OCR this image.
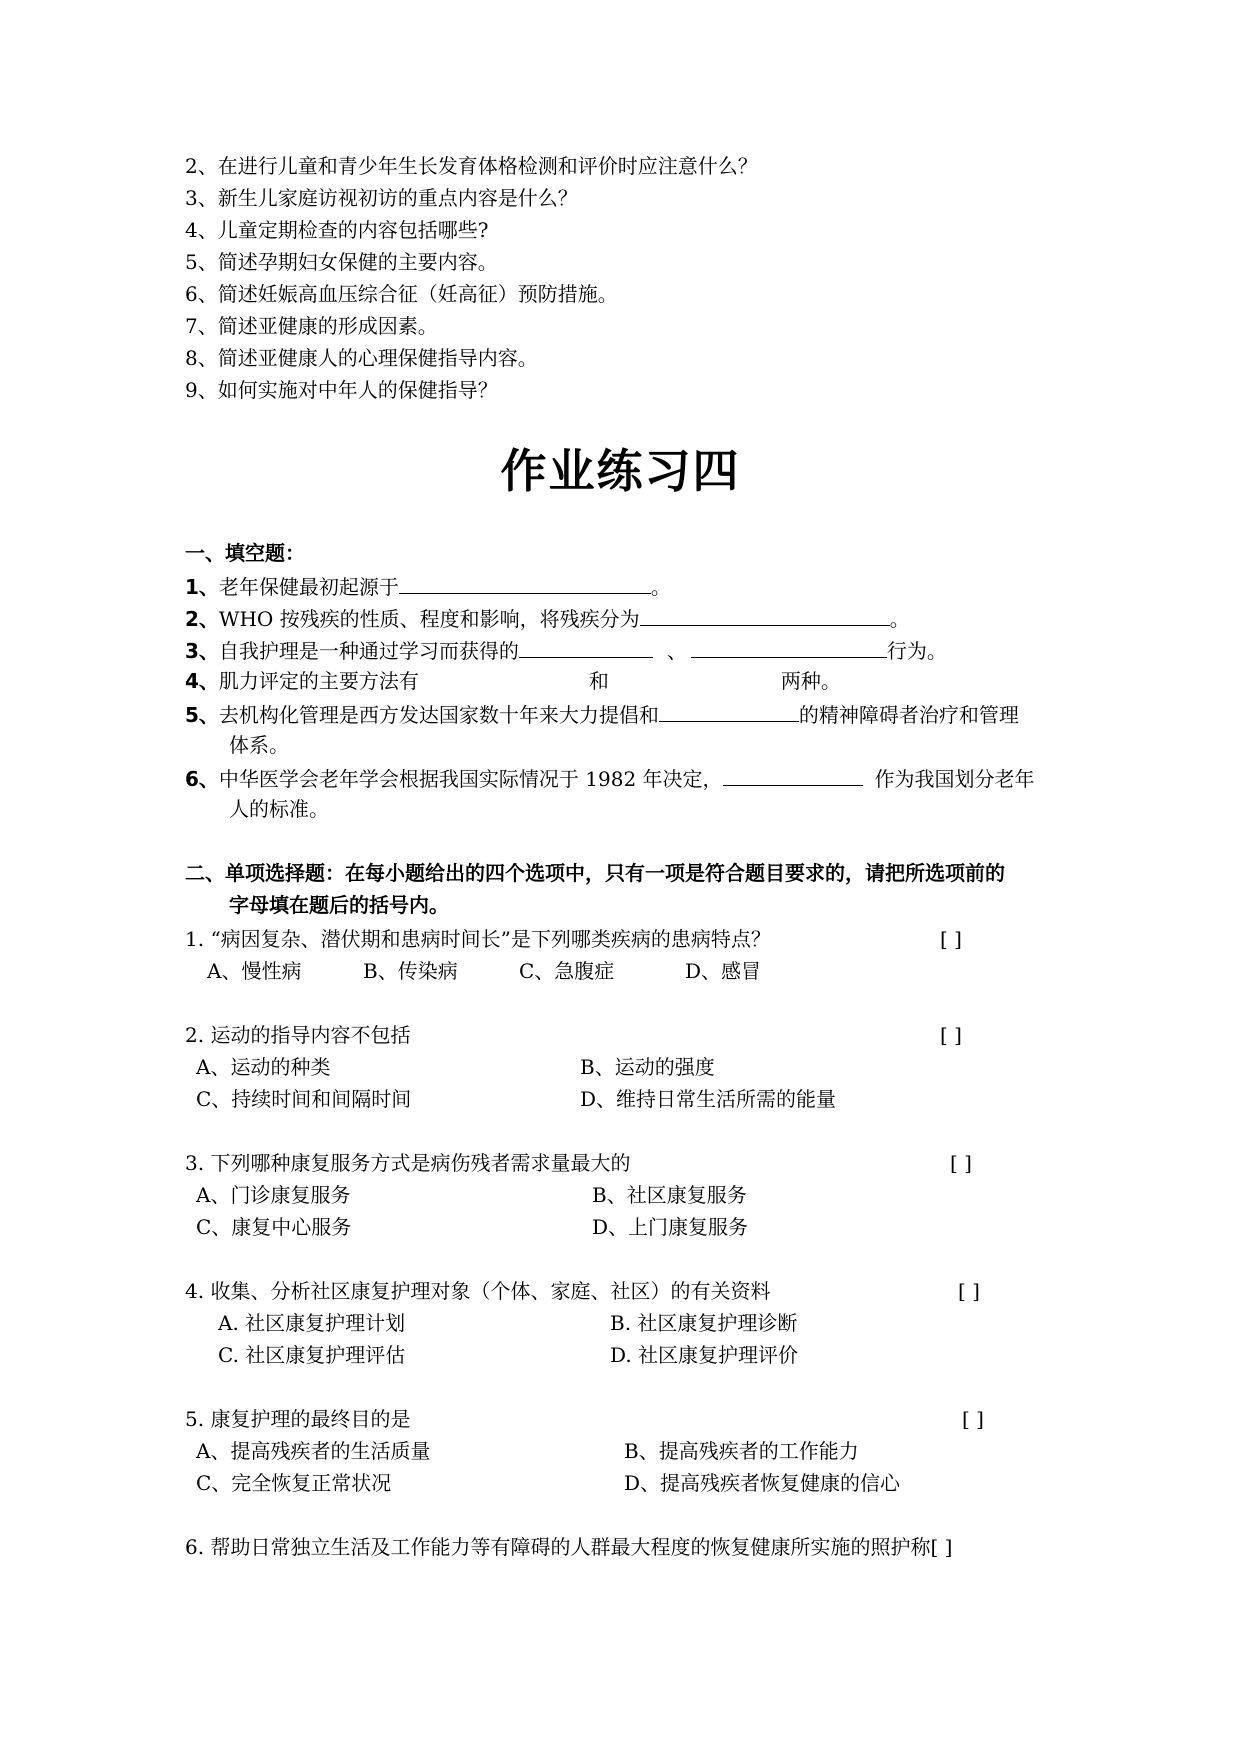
2、在进行儿童和青少年生长发育体格检测和评价时应注意什么？
3、新生儿家庭访视初访的重点内容是什么？
4、儿童定期检查的内容包括哪些?
5、简述孕期妇女保健的主要内容。
6、简述妊娠高血压综合征（妊高征）预防措施。
7、简述亚健康的形成因素。
8、简述亚健康人的心理保健指导内容。
9、如何实施对中年人的保健指导？
作业练习四
一、填空题：
1、老年保健最初起源于	。
2、WHO 按残疾的性质、程度和影响，将残疾分为	。
3、自我护理是一种通过学习而获得的	、	行为。
4、肌力评定的主要方法有	和	两种。
5、去机构化管理是西方发达国家数十年来大力提倡和	的精神障碍者治疗和管理
体系。
6、中华医学会老年学会根据我国实际情况于 1982 年决定，	作为我国划分老年
人的标准。
二、单项选择题：在每小题给出的四个选项中，只有一项是符合题目要求的，请把所选项前的
字母填在题后的括号内。
1. “病因复杂、潜伏期和患病时间长”是下列哪类疾病的患病特点？	[ ]
A、慢性病	B、传染病	C、急腹症	D、感冒
2. 运动的指导内容不包括	[ ]
A、运动的种类	B、运动的强度
C、持续时间和间隔时间	D、维持日常生活所需的能量
3. 下列哪种康复服务方式是病伤残者需求量最大的	[ ]
A、门诊康复服务	B、社区康复服务
C、康复中心服务	D、上门康复服务
4. 收集、分析社区康复护理对象（个体、家庭、社区）的有关资料	[ ]
A. 社区康复护理计划	B. 社区康复护理诊断
C. 社区康复护理评估	D. 社区康复护理评价
5. 康复护理的最终目的是	[ ]
A、提高残疾者的生活质量	B、提高残疾者的工作能力
C、完全恢复正常状况	D、提高残疾者恢复健康的信心
6. 帮助日常独立生活及工作能力等有障碍的人群最大程度的恢复健康所实施的照护称[ ]
